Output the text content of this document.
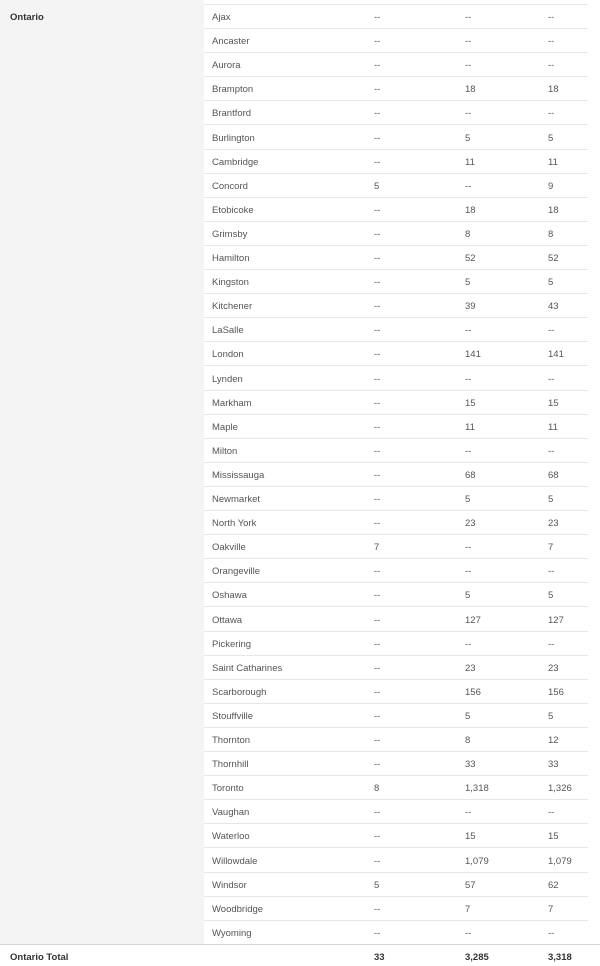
Ontario	Ajax	--	--	--
Ancaster	--	--	--
Aurora	--	--	--
Brampton	--	18	18
Brantford	--	--	--
Burlington	--	5	5
Cambridge	--	11	11
Concord	5	--	9
Etobicoke	--	18	18
Grimsby	--	8	8
Hamilton	--	52	52
Kingston	--	5	5
Kitchener	--	39	43
LaSalle	--	--	--
London	--	141	141
Lynden	--	--	--
Markham	--	15	15
Maple	--	11	11
Milton	--	--	--
Mississauga	--	68	68
Newmarket	--	5	5
North York	--	23	23
Oakville	7	--	7
Orangeville	--	--	--
Oshawa	--	5	5
Ottawa	--	127	127
Pickering	--	--	--
Saint Catharines	--	23	23
Scarborough	--	156	156
Stouffville	--	5	5
Thornton	--	8	12
Thornhill	--	33	33
Toronto	8	1,318	1,326
Vaughan	--	--	--
Waterloo	--	15	15
Willowdale	--	1,079	1,079
Windsor	5	57	62
Woodbridge	--	7	7
Wyoming	--	--	--
Ontario Total	33	3,285	3,318
